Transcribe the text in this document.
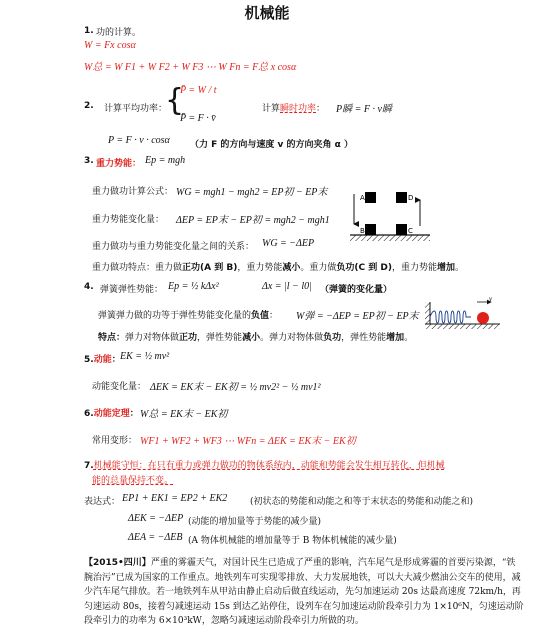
机械能
1. 功的计算。
W = Fx cosα
W总 = W F1 + W F2 + W F3 ⋯ W Fn = F总 x cosα
2. 计算平均功率：
{
P̄ = W / t
P̄ = F · v̄
计算瞬时功率： P瞬 = F · v瞬
P = F · v · cosα （力 F 的方向与速度 v 的方向夹角 α ）
3. 重力势能： Ep = mgh
重力做功计算公式： WG = mgh1 − mgh2 = EP初 − EP末
重力势能变化量： ΔEP = EP末 − EP初 = mgh2 − mgh1
重力做功与重力势能变化量之间的关系： WG = −ΔEP
重力做功特点：重力做正功(A 到 B)，重力势能减小。重力做负功(C 到 D)，重力势能增加。
A	D
B	C
4. 弹簧弹性势能： Ep = ½ kΔx²	Δx = |l − l0| （弹簧的变化量）
弹簧弹力做的功等于弹性势能变化量的负值： W弹 = −ΔEP = EP初 − EP末
特点：弹力对物体做正功，弹性势能减小。弹力对物体做负功，弹性势能增加。
v
5.动能： EK = ½ mv²
动能变化量： ΔEK = EK末 − EK初 = ½ mv2² − ½ mv1²
6.动能定理： W总 = EK末 − EK初
常用变形： WF1 + WF2 + WF3 ⋯ WFn = ΔEK = EK末 − EK初
7.机械能守恒：在只有重力或弹力做功的物体系统内，动能和势能会发生相互转化，但机械
能的总量保持不变。
表达式： EP1 + EK1 = EP2 + EK2	(初状态的势能和动能之和等于末状态的势能和动能之和)
ΔEK = −ΔEP (动能的增加量等于势能的减少量)
ΔEA = −ΔEB (A 物体机械能的增加量等于 B 物体机械能的减少量)
【2015•四川】严重的雾霾天气，对国计民生已造成了严重的影响，汽车尾气是形成雾霾的首要污染源，“铁腕治污”已成为国家的工作重点。地铁列车可实现零排放、大力发展地铁，可以大大减少燃油公交车的使用，减少汽车尾气排放。若一地铁列车从甲站由静止启动后做直线运动，先匀加速运动 20s 达最高速度 72km/h，再匀速运动 80s，接着匀减速运动 15s 到达乙站停住，设列车在匀加速运动阶段牵引力为 1×10⁶N，匀速运动阶段牵引力的功率为 6×10³kW，忽略匀减速运动阶段牵引力所做的功。
